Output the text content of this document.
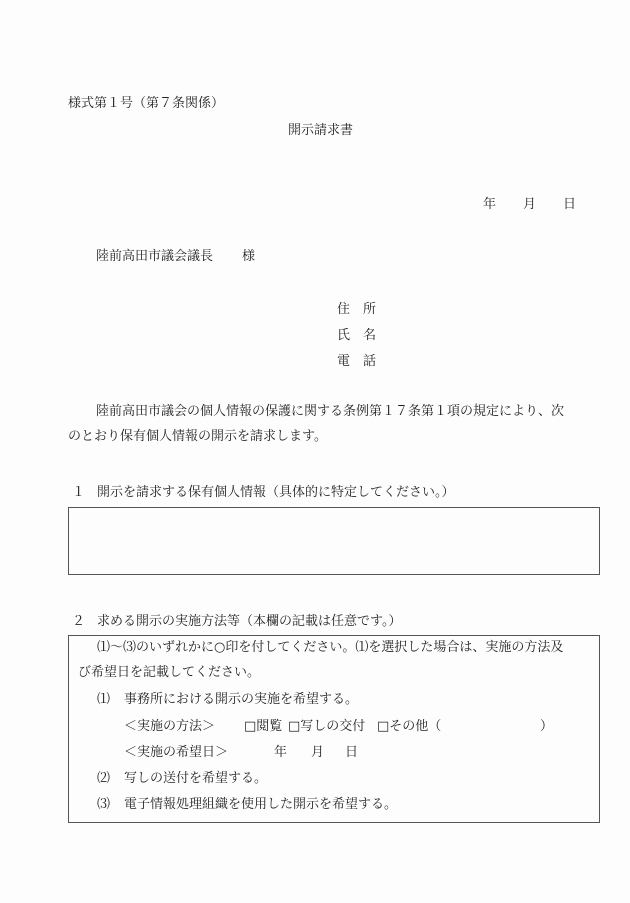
様式第１号（第７条関係）
開示請求書
年 月 日
陸前高田市議会議長 様
住 所
氏 名
電 話
陸前高田市議会の個人情報の保護に関する条例第１７条第１項の規定により、次
のとおり保有個人情報の開示を請求します。
１ 開示を請求する保有個人情報（具体的に特定してください。）
２ 求める開示の実施方法等（本欄の記載は任意です。）
⑴～⑶のいずれかに○印を付してください。⑴を選択した場合は、実施の方法及
び希望日を記載してください。
⑴ 事務所における開示の実施を希望する。
＜実施の方法＞ □閲覧 □写しの交付 □その他（	）
＜実施の希望日＞	年 月 日
⑵ 写しの送付を希望する。
⑶ 電子情報処理組織を使用した開示を希望する。
